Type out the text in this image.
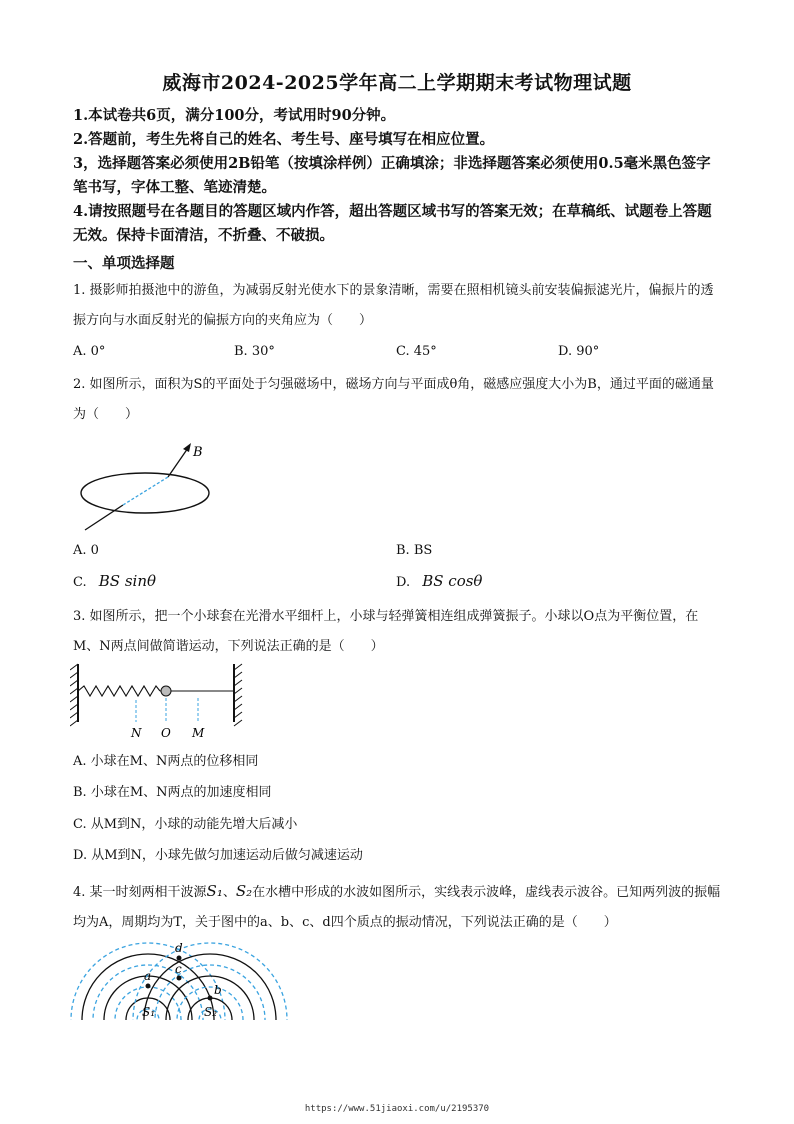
威海市2024-2025学年高二上学期期末考试物理试题
1.本试卷共6页，满分100分，考试用时90分钟。
2.答题前，考生先将自己的姓名、考生号、座号填写在相应位置。
3，选择题答案必须使用2B铅笔（按填涂样例）正确填涂；非选择题答案必须使用0.5毫米黑色签字笔书写，字体工整、笔迹清楚。
4.请按照题号在各题目的答题区域内作答，超出答题区域书写的答案无效；在草稿纸、试题卷上答题无效。保持卡面清洁，不折叠、不破损。
一、单项选择题
1. 摄影师拍摄池中的游鱼，为减弱反射光使水下的景象清晰，需要在照相机镜头前安装偏振滤光片，偏振片的透振方向与水面反射光的偏振方向的夹角应为（　　）
A. 0°	B. 30°	C. 45°	D. 90°
2. 如图所示，面积为S的平面处于匀强磁场中，磁场方向与平面成θ角，磁感应强度大小为B，通过平面的磁通量为（　　）
B
A. 0	B. BS
C. BS sinθ	D. BS cosθ
3. 如图所示，把一个小球套在光滑水平细杆上，小球与轻弹簧相连组成弹簧振子。小球以O点为平衡位置，在M、N两点间做简谐运动，下列说法正确的是（　　）
N O M
A. 小球在M、N两点的位移相同
B. 小球在M、N两点的加速度相同
C. 从M到N，小球的动能先增大后减小
D. 从M到N，小球先做匀加速运动后做匀减速运动
4. 某一时刻两相干波源S₁、S₂在水槽中形成的水波如图所示，实线表示波峰，虚线表示波谷。已知两列波的振幅均为A，周期均为T，关于图中的a、b、c、d四个质点的振动情况，下列说法正确的是（　　）
d
c
a
b
S₁	S₂
https://www.51jiaoxi.com/u/2195370
